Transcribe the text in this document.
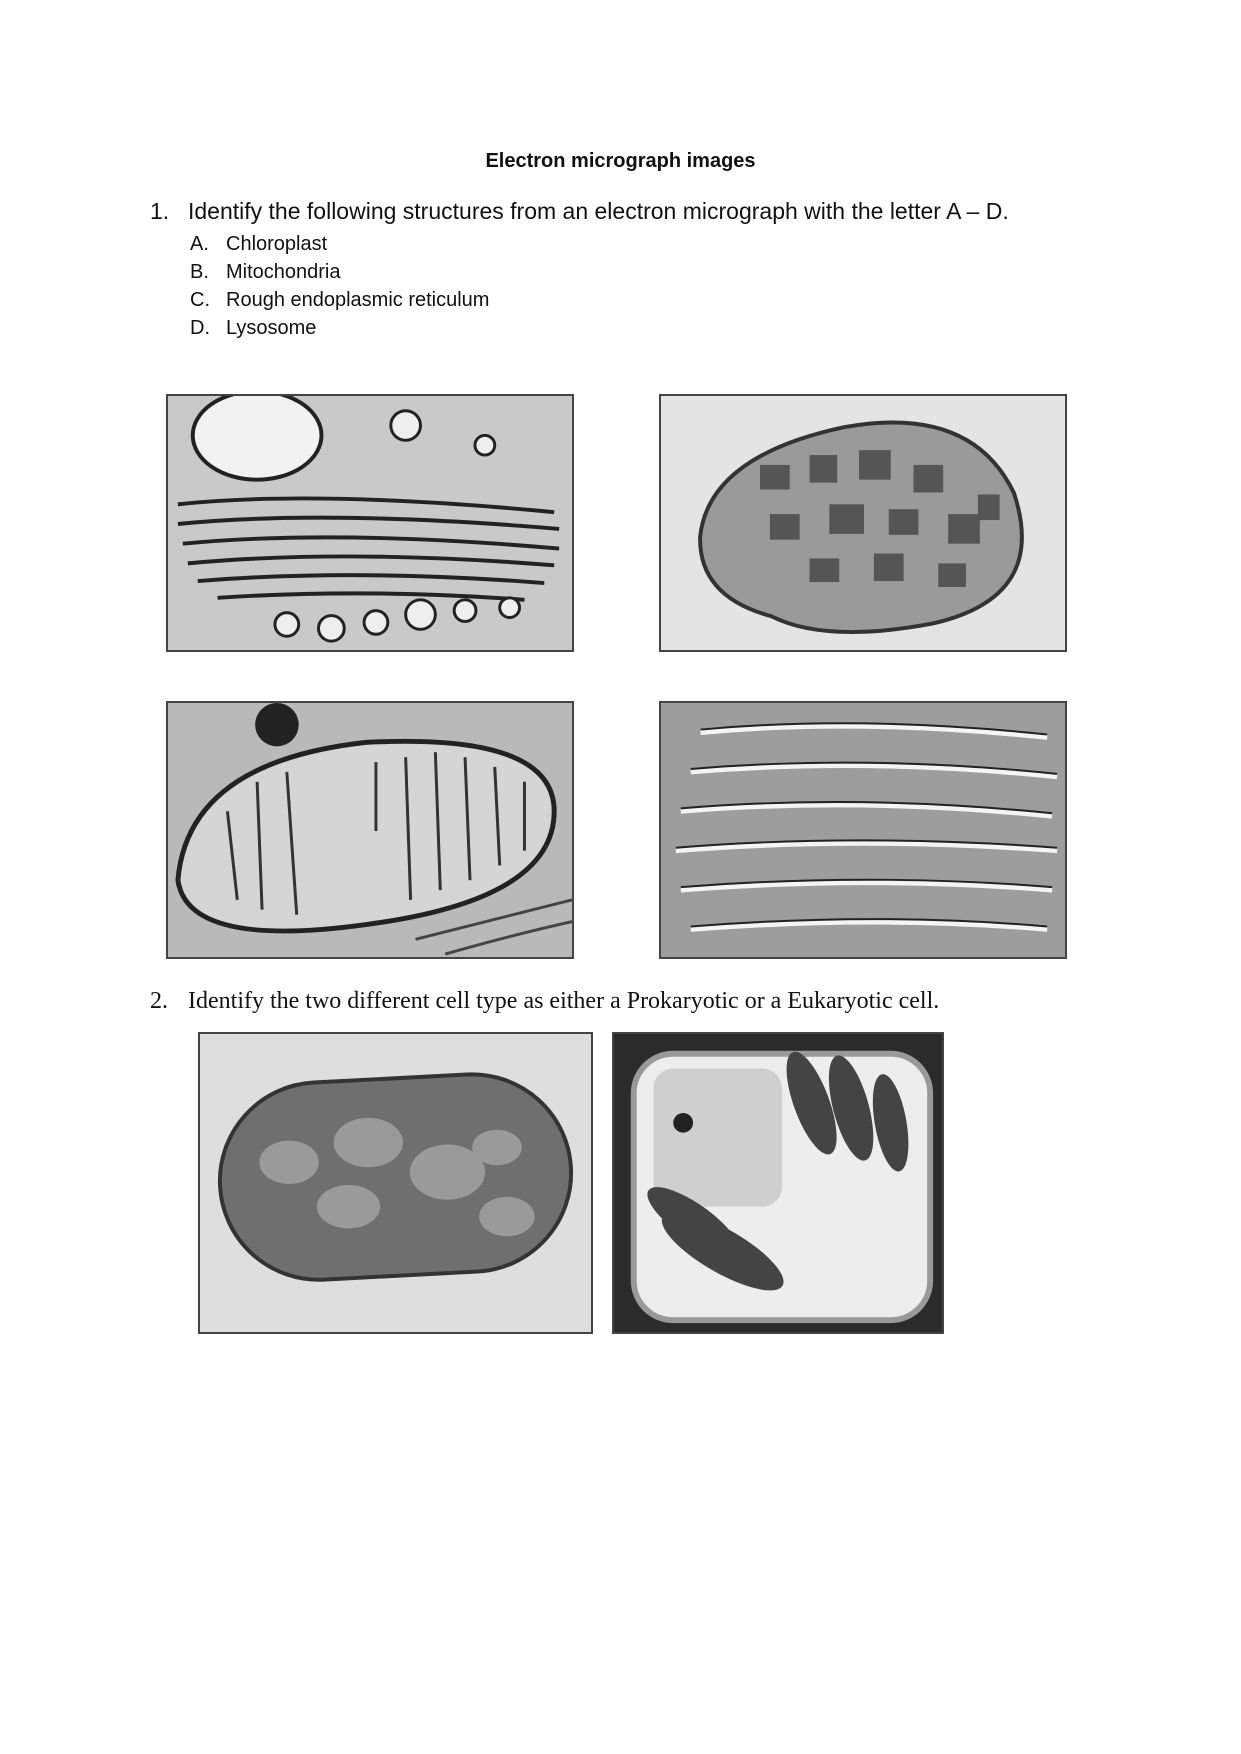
Electron micrograph images
1. Identify the following structures from an electron micrograph with the letter A – D.
A. Chloroplast
B. Mitochondria
C. Rough endoplasmic reticulum
D. Lysosome
2. Identify the two different cell type as either a Prokaryotic or a Eukaryotic cell.
